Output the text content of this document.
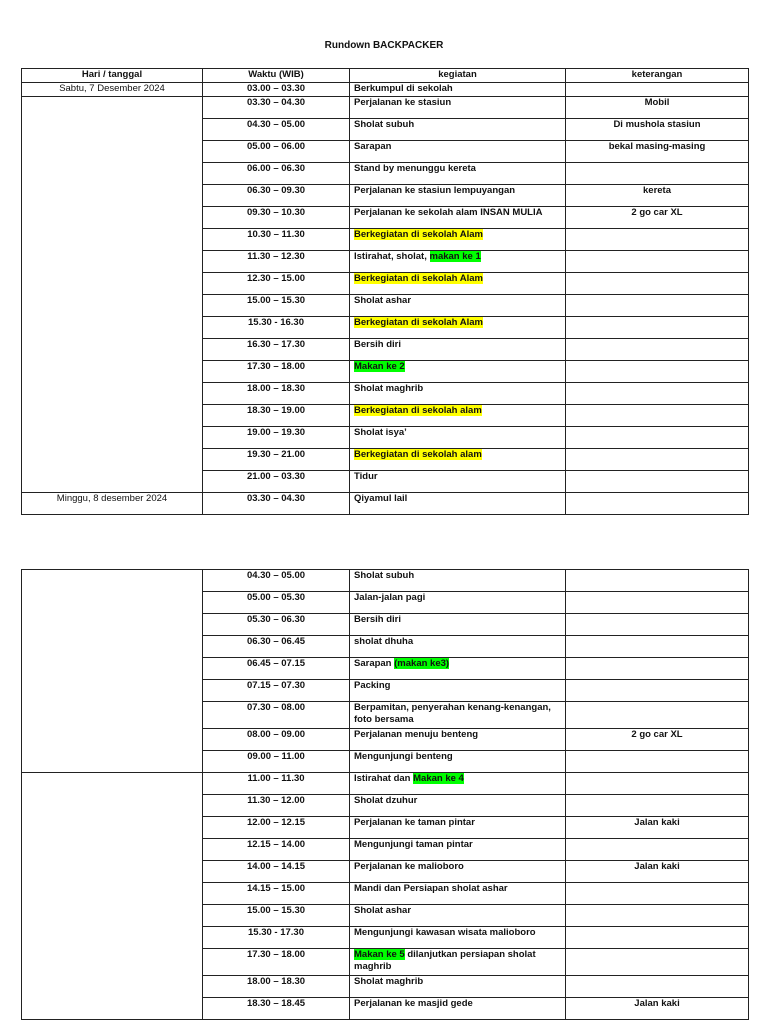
Rundown BACKPACKER
Hari / tanggal	Waktu (WIB)	kegiatan	keterangan
Sabtu, 7 Desember 2024	03.00 – 03.30	Berkumpul di sekolah	
	03.30 – 04.30	Perjalanan ke stasiun	Mobil
	04.30 – 05.00	Sholat subuh	Di mushola stasiun
	05.00 – 06.00	Sarapan	bekal masing-masing
	06.00 – 06.30	Stand by menunggu kereta	
	06.30 – 09.30	Perjalanan ke stasiun lempuyangan	kereta
	09.30 – 10.30	Perjalanan ke sekolah alam INSAN MULIA	2 go car XL
	10.30 – 11.30	Berkegiatan di sekolah Alam	
	11.30 – 12.30	Istirahat, sholat, makan ke 1	
	12.30 – 15.00	Berkegiatan di sekolah Alam	
	15.00 – 15.30	Sholat ashar	
	15.30 - 16.30	Berkegiatan di sekolah Alam	
	16.30 – 17.30	Bersih diri	
	17.30 – 18.00	Makan ke 2	
	18.00 – 18.30	Sholat maghrib	
	18.30 – 19.00	Berkegiatan di sekolah alam	
	19.00 – 19.30	Sholat isya’	
	19.30 – 21.00	Berkegiatan di sekolah alam	
	21.00 – 03.30	Tidur	
Minggu, 8 desember 2024	03.30 – 04.30	Qiyamul lail	
	04.30 – 05.00	Sholat subuh	
	05.00 – 05.30	Jalan-jalan pagi	
	05.30 – 06.30	Bersih diri	
	06.30 – 06.45	sholat dhuha	
	06.45 – 07.15	Sarapan (makan ke3)	
	07.15 – 07.30	Packing	
	07.30 – 08.00	Berpamitan, penyerahan kenang-kenangan, foto bersama	
	08.00 – 09.00	Perjalanan menuju benteng	2 go car XL
	09.00 – 11.00	Mengunjungi benteng	
	11.00 – 11.30	Istirahat dan Makan ke 4	
	11.30 – 12.00	Sholat dzuhur	
	12.00 – 12.15	Perjalanan ke taman pintar	Jalan kaki
	12.15 – 14.00	Mengunjungi taman pintar	
	14.00 – 14.15	Perjalanan ke malioboro	Jalan kaki
	14.15 – 15.00	Mandi dan Persiapan sholat ashar	
	15.00 – 15.30	Sholat ashar	
	15.30 - 17.30	Mengunjungi kawasan wisata malioboro	
	17.30 – 18.00	Makan ke 5 dilanjutkan persiapan sholat maghrib	
	18.00 – 18.30	Sholat maghrib	
	18.30 – 18.45	Perjalanan ke masjid gede	Jalan kaki
